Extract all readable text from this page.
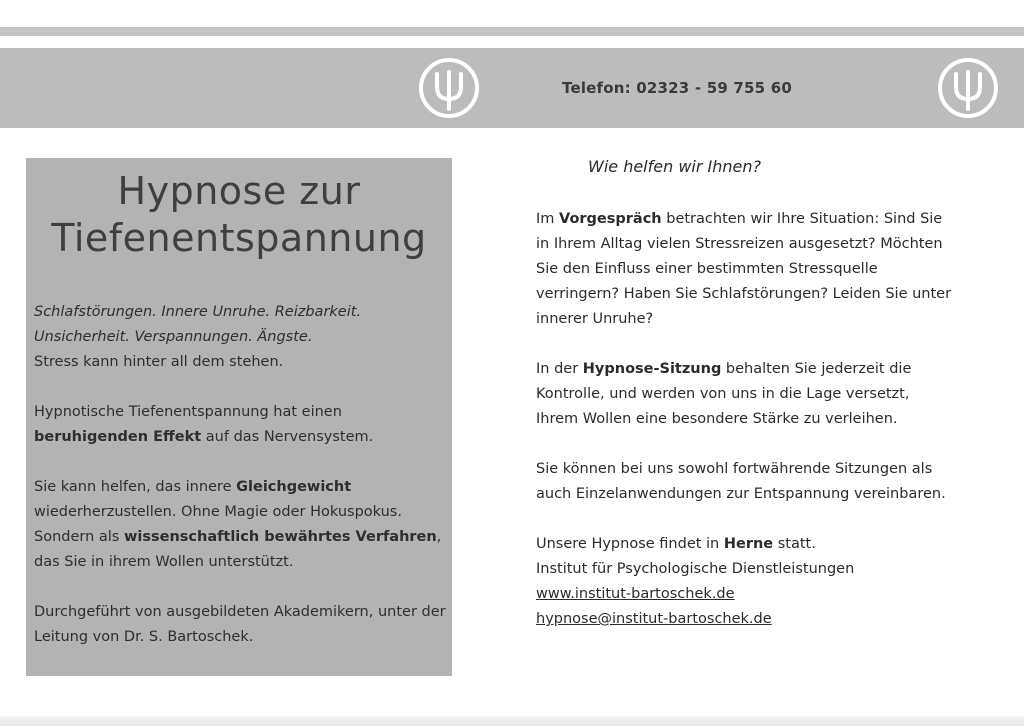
Telefon: 02323 - 59 755 60
Hypnose zur Tiefenentspannung

Schlafstörungen. Innere Unruhe. Reizbarkeit. Unsicherheit. Verspannungen. Ängste.
Stress kann hinter all dem stehen.

Hypnotische Tiefenentspannung hat einen beruhigenden Effekt auf das Nervensystem.

Sie kann helfen, das innere Gleichgewicht wiederherzustellen. Ohne Magie oder Hokuspokus. Sondern als wissenschaftlich bewährtes Verfahren, das Sie in ihrem Wollen unterstützt.

Durchgeführt von ausgebildeten Akademikern, unter der Leitung von Dr. S. Bartoschek.

Wie helfen wir Ihnen?

Im Vorgespräch betrachten wir Ihre Situation: Sind Sie in Ihrem Alltag vielen Stressreizen ausgesetzt? Möchten Sie den Einfluss einer bestimmten Stressquelle verringern? Haben Sie Schlafstörungen? Leiden Sie unter innerer Unruhe?

In der Hypnose-Sitzung behalten Sie jederzeit die Kontrolle, und werden von uns in die Lage versetzt, Ihrem Wollen eine besondere Stärke zu verleihen.

Sie können bei uns sowohl fortwährende Sitzungen als auch Einzelanwendungen zur Entspannung vereinbaren.

Unsere Hypnose findet in Herne statt.
Institut für Psychologische Dienstleistungen
www.institut-bartoschek.de
hypnose@institut-bartoschek.de
